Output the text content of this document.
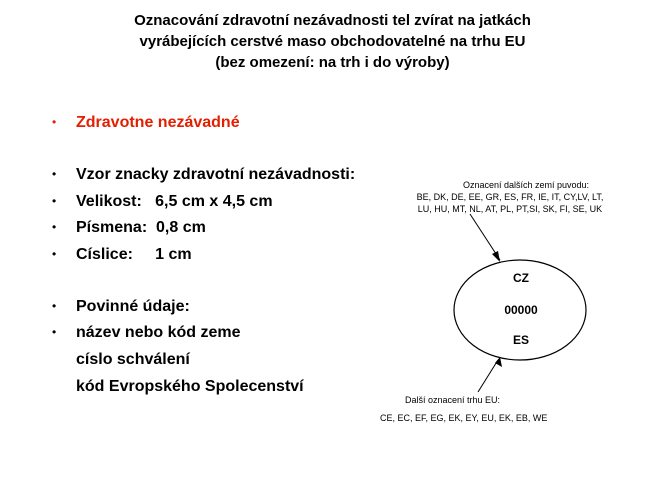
Oznacování zdravotní nezávadnosti tel zvírat na jatkách
vyrábejících cerstvé maso obchodovatelné na trhu EU
(bez omezení: na trh i do výroby)
• Zdravotne nezávadné
• Vzor znacky zdravotní nezávadnosti:
• Velikost:   6,5 cm x 4,5 cm
• Písmena:  0,8 cm
• Císlice:     1 cm
• Povinné údaje:
• název nebo kód zeme
císlo schválení
kód Evropského Spolecenství
Oznacení dalších zemí puvodu:
BE, DK, DE, EE, GR, ES, FR, IE, IT, CY,LV, LT,
LU, HU, MT, NL, AT, PL, PT,SI, SK, FI, SE, UK
CZ
00000
ES
Další oznacení trhu EU:
CE, EC, EF, EG, EK, EY, EU, EK, EB, WE
